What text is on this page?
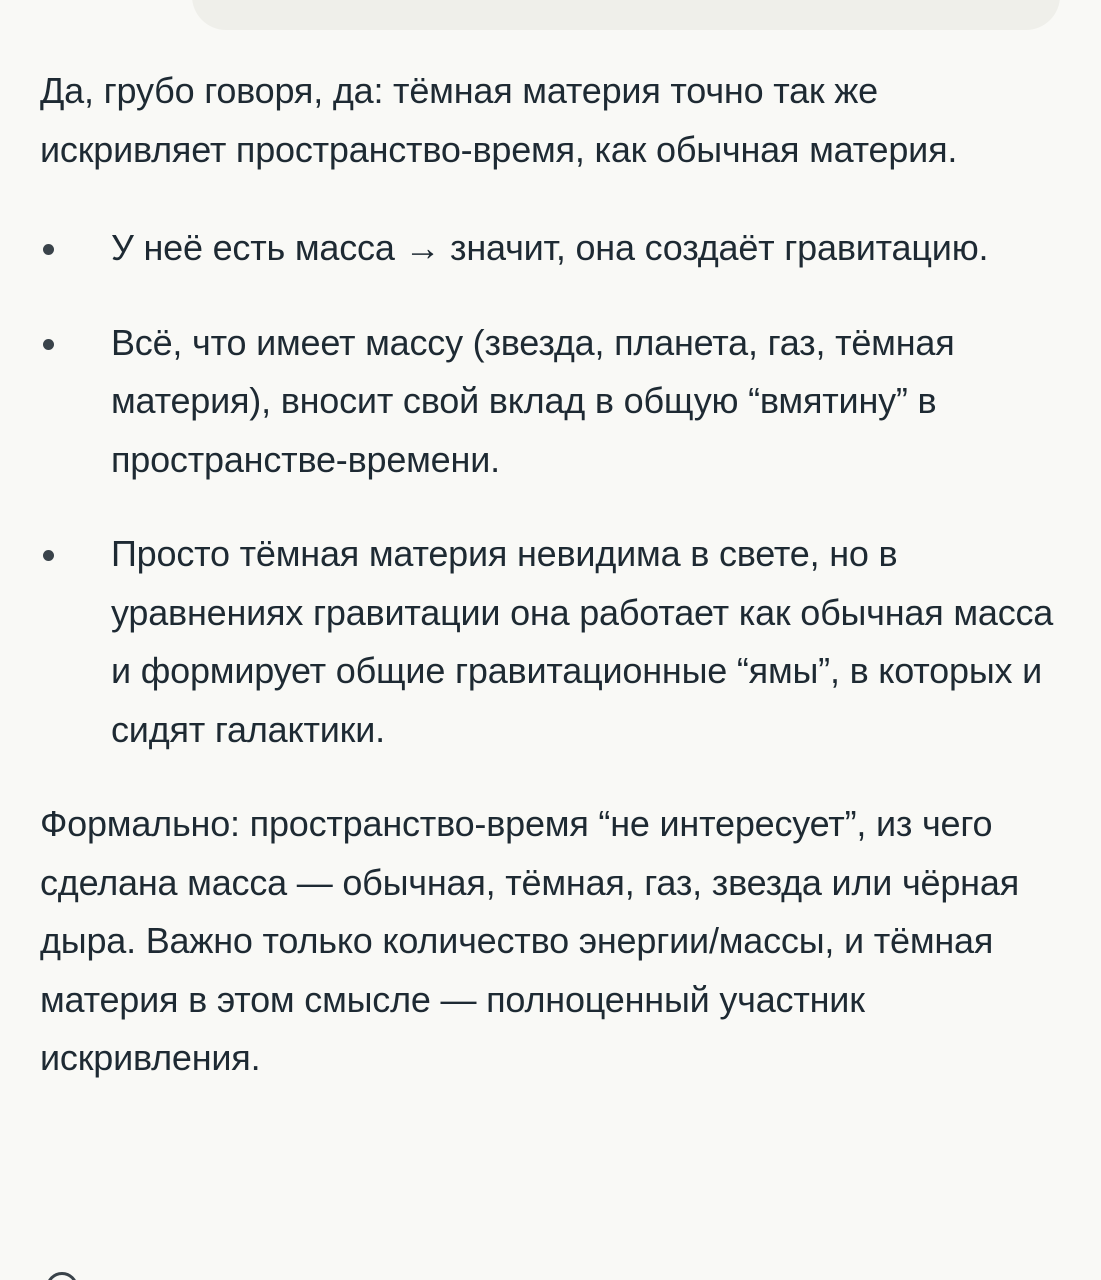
Да, грубо говоря, да: тёмная материя точно так же искривляет пространство-время, как обычная материя.

У неё есть масса → значит, она создаёт гравитацию.
Всё, что имеет массу (звезда, планета, газ, тёмная материя), вносит свой вклад в общую “вмятину” в пространстве-времени.
Просто тёмная материя невидима в свете, но в уравнениях гравитации она работает как обычная масса и формирует общие гравитационные “ямы”, в которых и сидят галактики.

Формально: пространство-время “не интересует”, из чего сделана масса — обычная, тёмная, газ, звезда или чёрная дыра. Важно только количество энергии/массы, и тёмная материя в этом смысле — полноценный участник искривления.
